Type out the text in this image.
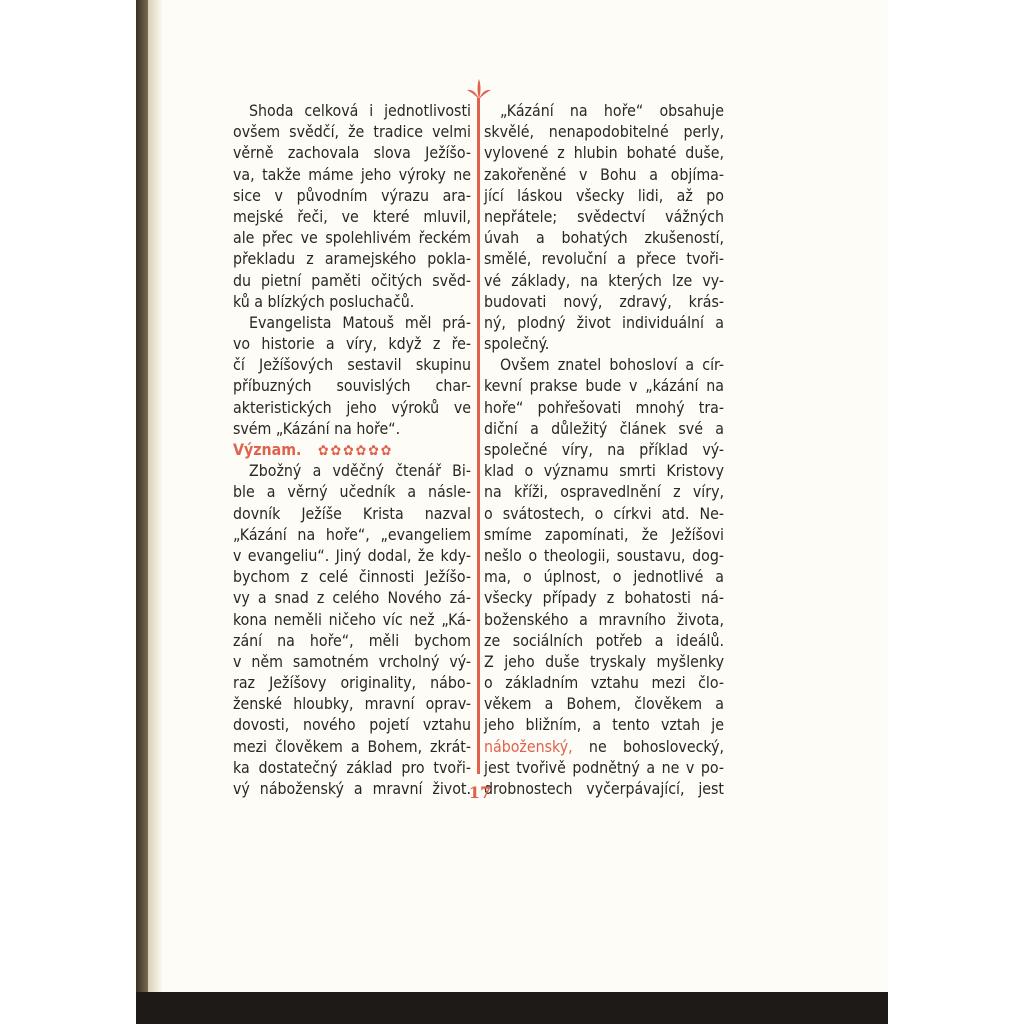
Shoda celková i jednotlivosti
ovšem svědčí, že tradice velmi
věrně zachovala slova Ježíšo-
va, takže máme jeho výroky ne
sice v původním výrazu ara-
mejské řeči, ve které mluvil,
ale přec ve spolehlivém řeckém
překladu z aramejského pokla-
du pietní paměti očitých svěd-
ků a blízkých posluchačů.
Evangelista Matouš měl prá-
vo historie a víry, když z ře-
čí Ježíšových sestavil skupinu
příbuzných souvislých char-
akteristických jeho výroků ve
svém „Kázání na hoře“.
Význam. ✿✿✿✿✿✿
Zbožný a vděčný čtenář Bi-
ble a věrný učedník a násle-
dovník Ježíše Krista nazval
„Kázání na hoře“, „evangeliem
v evangeliu“. Jiný dodal, že kdy-
bychom z celé činnosti Ježíšo-
vy a snad z celého Nového zá-
kona neměli ničeho víc než „Ká-
zání na hoře“, měli bychom
v něm samotném vrcholný vý-
raz Ježíšovy originality, nábo-
ženské hloubky, mravní oprav-
dovosti, nového pojetí vztahu
mezi člověkem a Bohem, zkrát-
ka dostatečný základ pro tvoři-
vý náboženský a mravní život.
„Kázání na hoře“ obsahuje
skvělé, nenapodobitelné perly,
vylovené z hlubin bohaté duše,
zakořeněné v Bohu a objíma-
jící láskou všecky lidi, až po
nepřátele; svědectví vážných
úvah a bohatých zkušeností,
smělé, revoluční a přece tvoři-
vé základy, na kterých lze vy-
budovati nový, zdravý, krás-
ný, plodný život individuální a
společný.
Ovšem znatel bohosloví a cír-
kevní prakse bude v „kázání na
hoře“ pohřešovati mnohý tra-
diční a důležitý článek své a
společné víry, na příklad vý-
klad o významu smrti Kristovy
na kříži, ospravedlnění z víry,
o svátostech, o církvi atd. Ne-
smíme zapomínati, že Ježíšovi
nešlo o theologii, soustavu, dog-
ma, o úplnost, o jednotlivé a
všecky případy z bohatosti ná-
boženského a mravního života,
ze sociálních potřeb a ideálů.
Z jeho duše tryskaly myšlenky
o základním vztahu mezi člo-
věkem a Bohem, člověkem a
jeho bližním, a tento vztah je
náboženský, ne bohoslovecký,
jest tvořivě podnětný a ne v po-
drobnostech vyčerpávající, jest
17
